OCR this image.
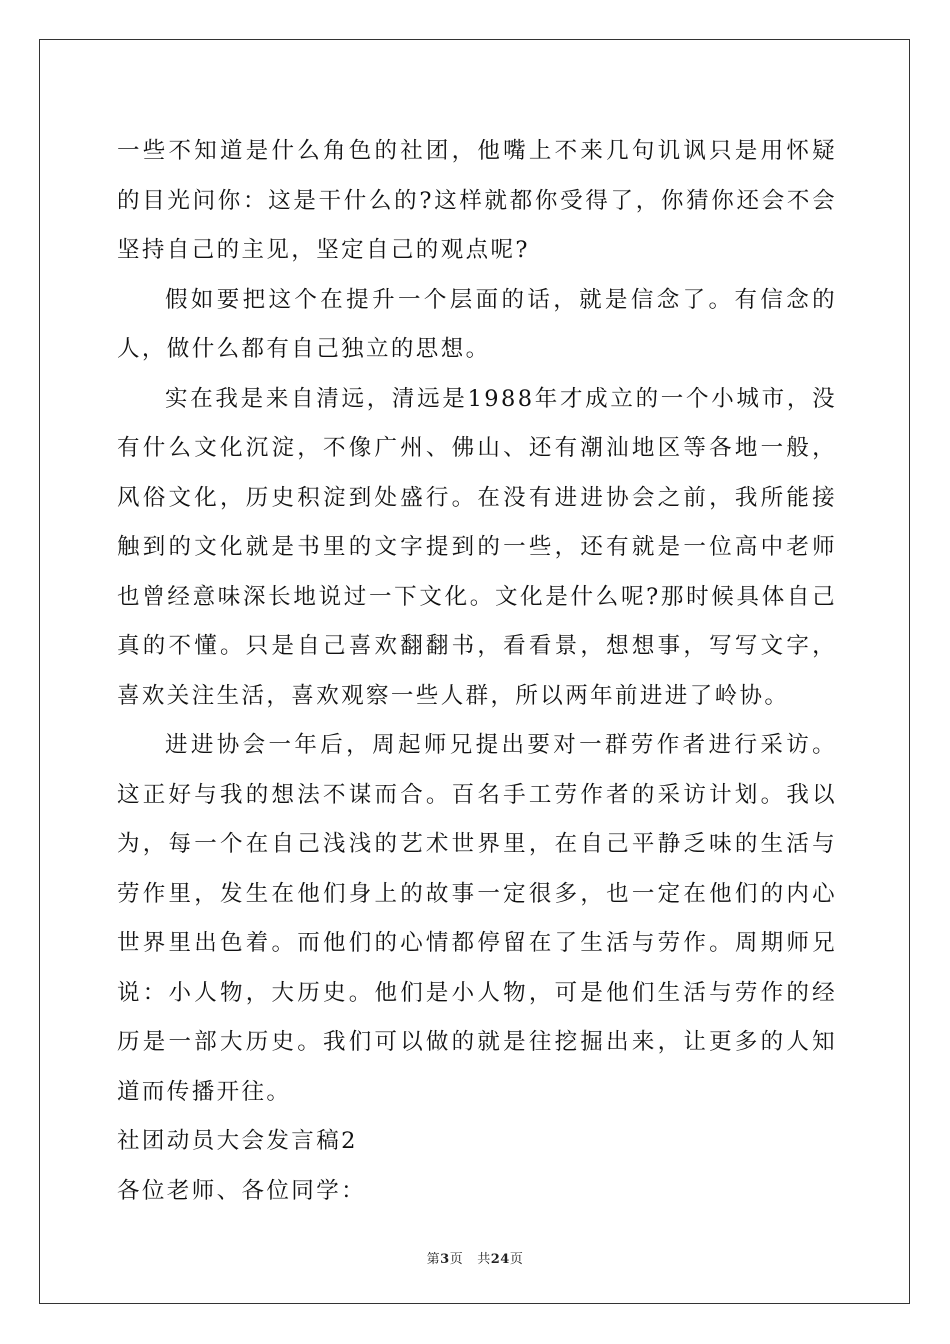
一些不知道是什么角色的社团，他嘴上不来几句讥讽只是用怀疑的目光问你：这是干什么的?这样就都你受得了，你猜你还会不会坚持自己的主见，坚定自己的观点呢?

假如要把这个在提升一个层面的话，就是信念了。有信念的人，做什么都有自己独立的思想。

实在我是来自清远，清远是1988年才成立的一个小城市，没有什么文化沉淀，不像广州、佛山、还有潮汕地区等各地一般，风俗文化，历史积淀到处盛行。在没有进进协会之前，我所能接触到的文化就是书里的文字提到的一些，还有就是一位高中老师也曾经意味深长地说过一下文化。文化是什么呢?那时候具体自己真的不懂。只是自己喜欢翻翻书，看看景，想想事，写写文字，喜欢关注生活，喜欢观察一些人群，所以两年前进进了岭协。

进进协会一年后，周起师兄提出要对一群劳作者进行采访。这正好与我的想法不谋而合。百名手工劳作者的采访计划。我以为，每一个在自己浅浅的艺术世界里，在自己平静乏味的生活与劳作里，发生在他们身上的故事一定很多，也一定在他们的内心世界里出色着。而他们的心情都停留在了生活与劳作。周期师兄说：小人物，大历史。他们是小人物，可是他们生活与劳作的经历是一部大历史。我们可以做的就是往挖掘出来，让更多的人知道而传播开往。

社团动员大会发言稿2

各位老师、各位同学：

第3页 共24页
